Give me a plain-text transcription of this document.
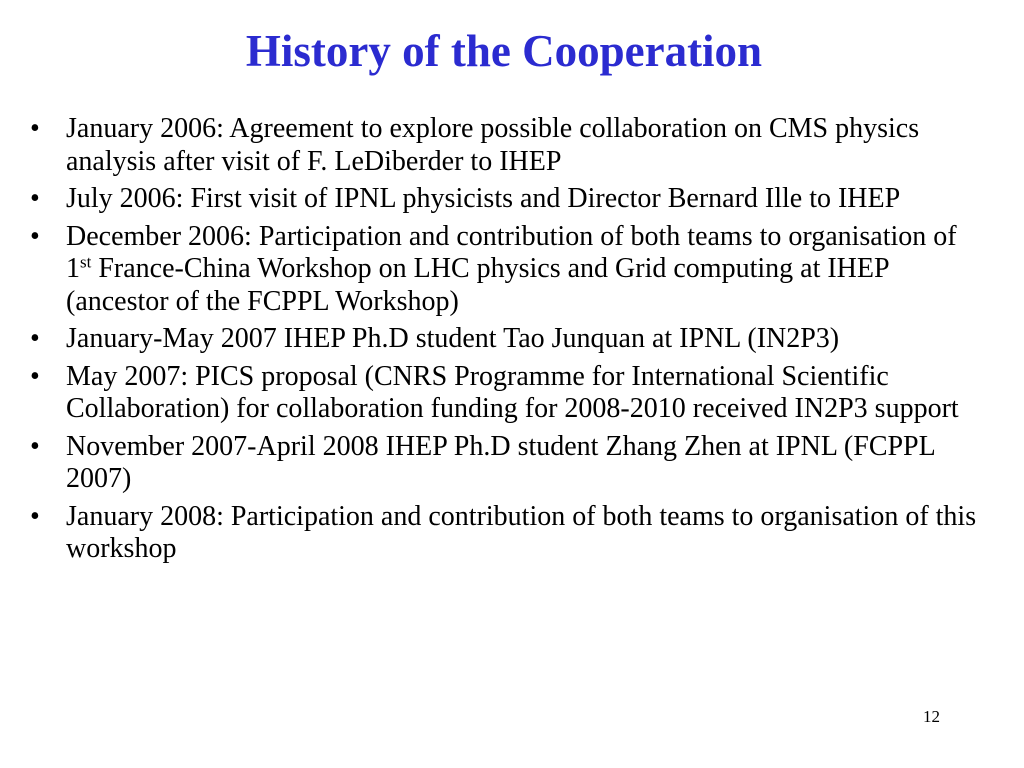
History of the Cooperation
• January 2006: Agreement to explore possible collaboration on CMS physics analysis after visit of F. LeDiberder to IHEP
• July 2006: First visit of IPNL physicists and Director Bernard Ille to IHEP
• December 2006: Participation and contribution of both teams to organisation of 1st France-China Workshop on LHC physics and Grid computing at IHEP (ancestor of the FCPPL Workshop)
• January-May 2007 IHEP Ph.D student Tao Junquan at IPNL (IN2P3)
• May 2007: PICS proposal (CNRS Programme for International Scientific Collaboration) for collaboration funding for 2008-2010 received IN2P3 support
• November 2007-April 2008 IHEP Ph.D student Zhang Zhen at IPNL (FCPPL 2007)
• January 2008: Participation and contribution of both teams to organisation of this workshop
12
